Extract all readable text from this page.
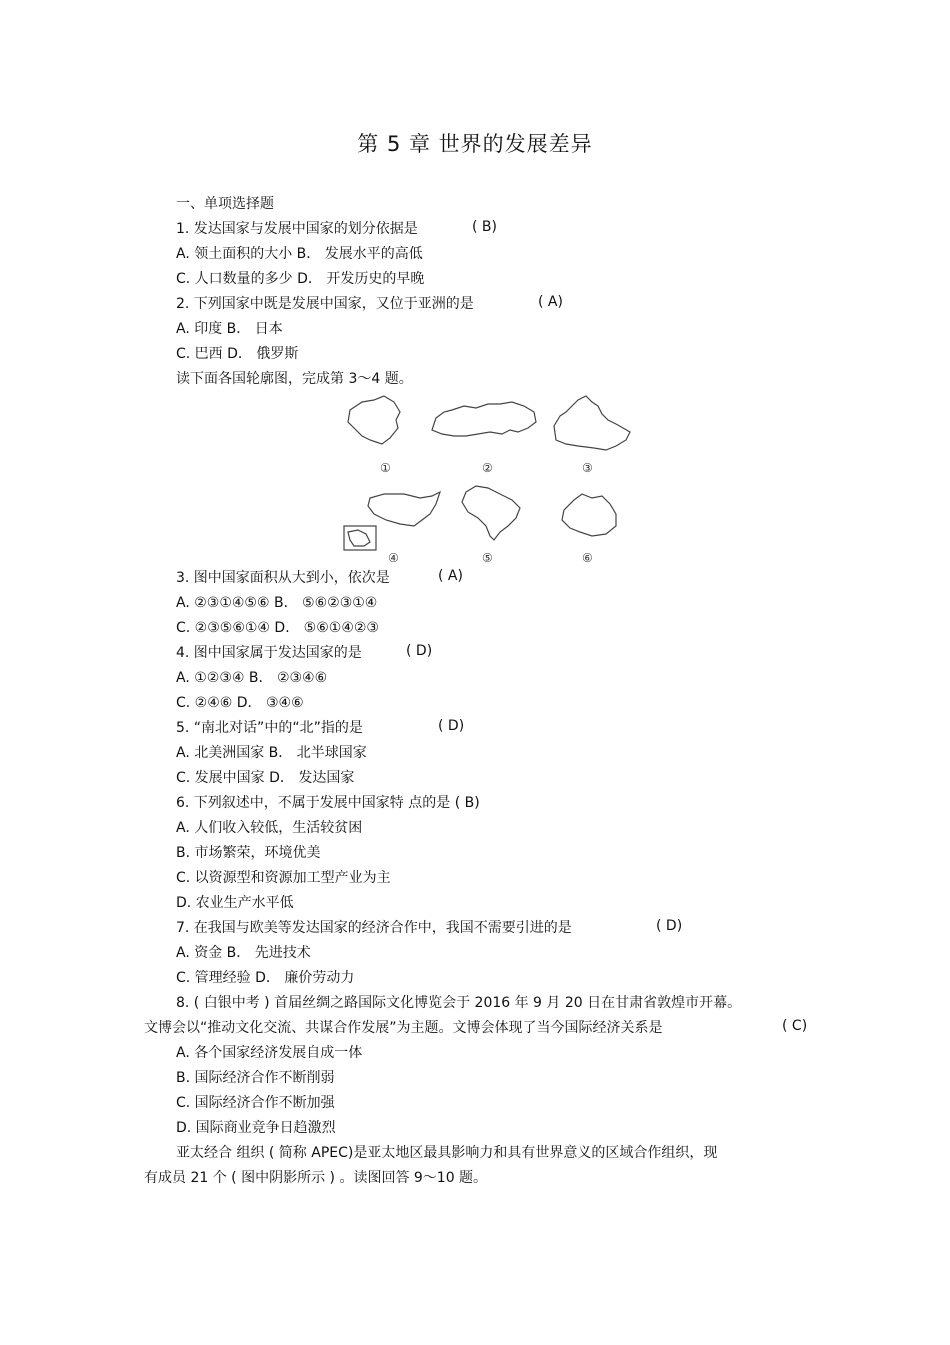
第 5 章 世界的发展差异
一、单项选择题
1. 发达国家与发展中国家的划分依据是	( B)
A. 领土面积的大小 B． 发展水平的高低
C. 人口数量的多少 D． 开发历史的早晚
2. 下列国家中既是发展中国家，又位于亚洲的是	( A)
A. 印度 B． 日本
C. 巴西 D． 俄罗斯
读下面各国轮廓图，完成第 3～4 题。
①	②	③
④	⑤	⑥
3. 图中国家面积从大到小，依次是	( A)
A. ②③①④⑤⑥ B． ⑤⑥②③①④
C. ②③⑤⑥①④ D． ⑤⑥①④②③
4. 图中国家属于发达国家的是	( D)
A. ①②③④ B． ②③④⑥
C. ②④⑥ D． ③④⑥
5. “南北对话”中的“北”指的是	( D)
A. 北美洲国家 B． 北半球国家
C. 发展中国家 D． 发达国家
6. 下列叙述中，不属于发展中国家特 点的是 ( B)
A. 人们收入较低，生活较贫困
B. 市场繁荣，环境优美
C. 以资源型和资源加工型产业为主
D. 农业生产水平低
7. 在我国与欧美等发达国家的经济合作中，我国不需要引进的是	( D)
A. 资金 B． 先进技术
C. 管理经验 D． 廉价劳动力
8. ( 白银中考 ) 首届丝绸之路国际文化博览会于 2016 年 9 月 20 日在甘肃省敦煌市开幕。
文博会以“推动文化交流、共谋合作发展”为主题。文博会体现了当今国际经济关系是	( C)
A. 各个国家经济发展自成一体
B. 国际经济合作不断削弱
C. 国际经济合作不断加强
D. 国际商业竞争日趋激烈
亚太经合 组织 ( 简称 APEC)是亚太地区最具影响力和具有世界意义的区域合作组织，现
有成员 21 个 ( 图中阴影所示 ) 。读图回答 9～10 题。
